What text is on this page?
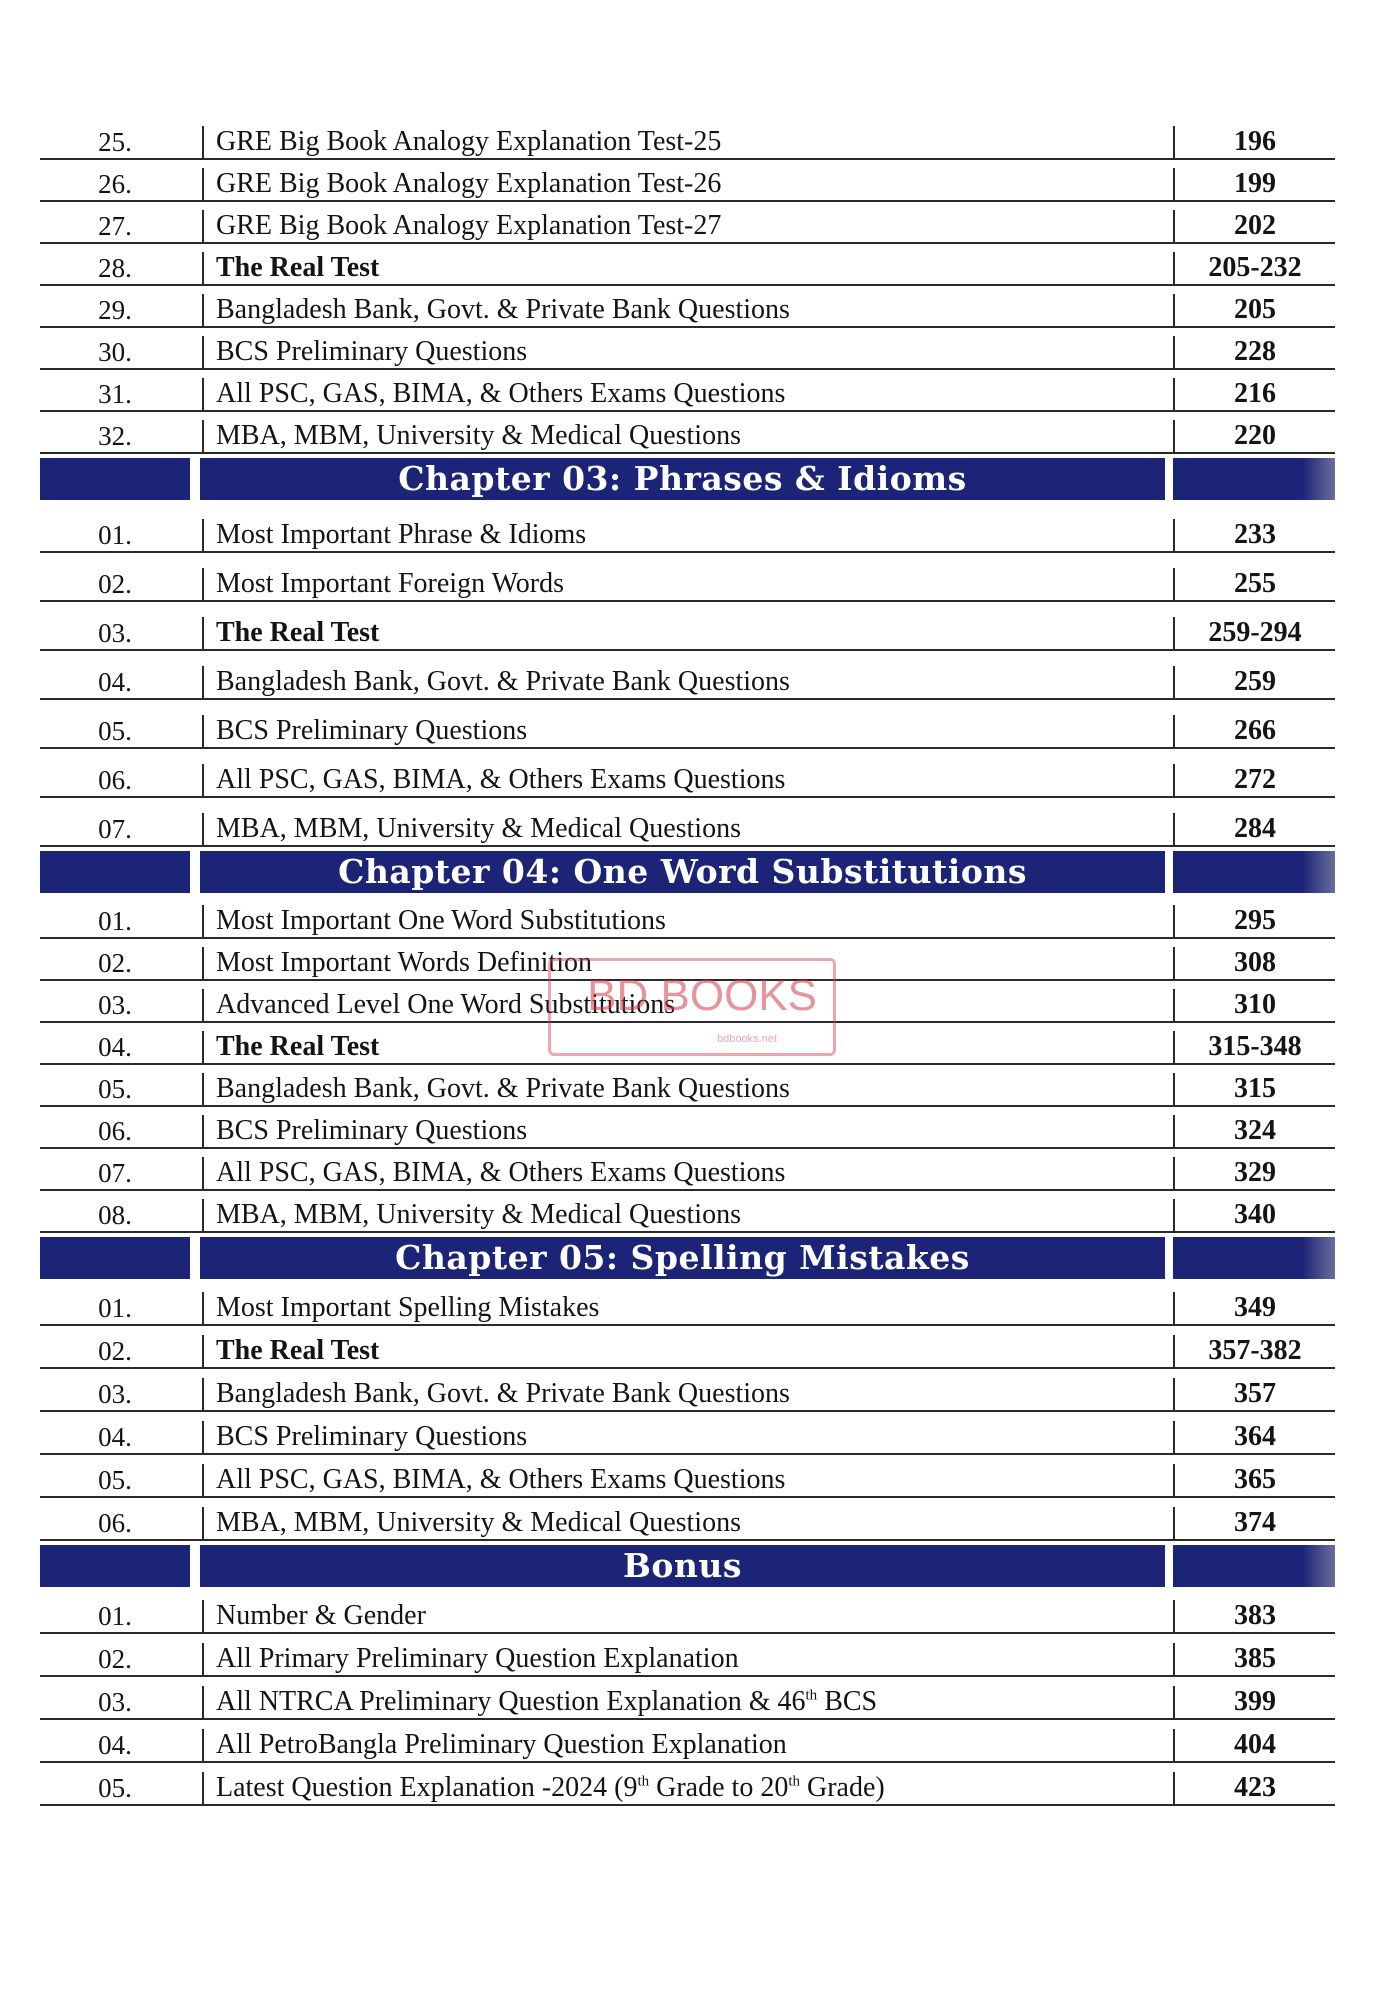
25.	GRE Big Book Analogy Explanation Test-25	196
26.	GRE Big Book Analogy Explanation Test-26	199
27.	GRE Big Book Analogy Explanation Test-27	202
28.	The Real Test	205-232
29.	Bangladesh Bank, Govt. & Private Bank Questions	205
30.	BCS Preliminary Questions	228
31.	All PSC, GAS, BIMA, & Others Exams Questions	216
32.	MBA, MBM, University & Medical Questions	220
Chapter 03: Phrases & Idioms
01.	Most Important Phrase & Idioms	233
02.	Most Important Foreign Words	255
03.	The Real Test	259-294
04.	Bangladesh Bank, Govt. & Private Bank Questions	259
05.	BCS Preliminary Questions	266
06.	All PSC, GAS, BIMA, & Others Exams Questions	272
07.	MBA, MBM, University & Medical Questions	284
Chapter 04: One Word Substitutions
01.	Most Important One Word Substitutions	295
02.	Most Important Words Definition	308
03.	Advanced Level One Word Substitutions	310
04.	The Real Test	315-348
05.	Bangladesh Bank, Govt. & Private Bank Questions	315
06.	BCS Preliminary Questions	324
07.	All PSC, GAS, BIMA, & Others Exams Questions	329
08.	MBA, MBM, University & Medical Questions	340
Chapter 05: Spelling Mistakes
01.	Most Important Spelling Mistakes	349
02.	The Real Test	357-382
03.	Bangladesh Bank, Govt. & Private Bank Questions	357
04.	BCS Preliminary Questions	364
05.	All PSC, GAS, BIMA, & Others Exams Questions	365
06.	MBA, MBM, University & Medical Questions	374
Bonus
01.	Number & Gender	383
02.	All Primary Preliminary Question Explanation	385
03.	All NTRCA Preliminary Question Explanation & 46th BCS	399
04.	All PetroBangla Preliminary Question Explanation	404
05.	Latest Question Explanation -2024 (9th Grade to 20th Grade)	423
BD BOOKS
bdbooks.net
